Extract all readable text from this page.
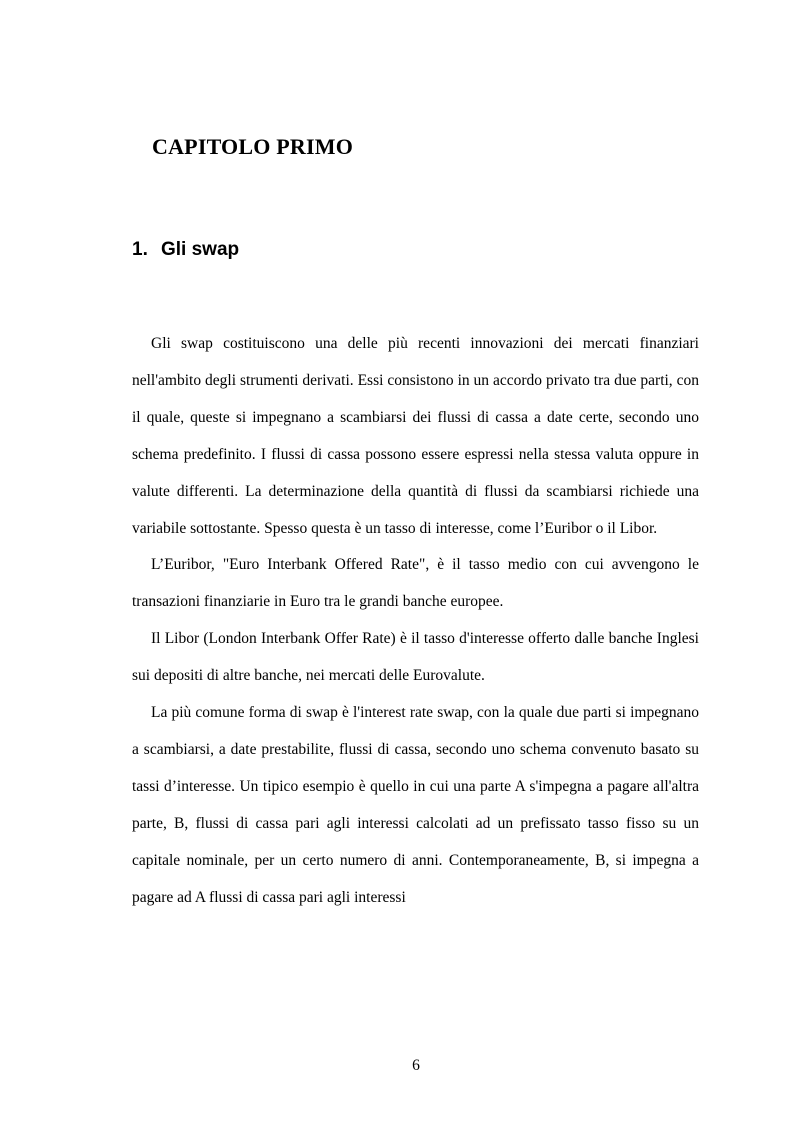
CAPITOLO PRIMO
1. Gli swap

Gli swap costituiscono una delle più recenti innovazioni dei mercati finanziari nell'ambito degli strumenti derivati. Essi consistono in un accordo privato tra due parti, con il quale, queste si impegnano a scambiarsi dei flussi di cassa a date certe, secondo uno schema predefinito. I flussi di cassa possono essere espressi nella stessa valuta oppure in valute differenti. La determinazione della quantità di flussi da scambiarsi richiede una variabile sottostante. Spesso questa è un tasso di interesse, come l’Euribor o il Libor.

L’Euribor, "Euro Interbank Offered Rate", è il tasso medio con cui avvengono le transazioni finanziarie in Euro tra le grandi banche europee.

Il Libor (London Interbank Offer Rate) è il tasso d'interesse offerto dalle banche Inglesi sui depositi di altre banche, nei mercati delle Eurovalute.

La più comune forma di swap è l'interest rate swap, con la quale due parti si impegnano a scambiarsi, a date prestabilite, flussi di cassa, secondo uno schema convenuto basato su tassi d’interesse. Un tipico esempio è quello in cui una parte A s'impegna a pagare all'altra parte, B, flussi di cassa pari agli interessi calcolati ad un prefissato tasso fisso su un capitale nominale, per un certo numero di anni. Contemporaneamente, B, si impegna a pagare ad A flussi di cassa pari agli interessi

6
